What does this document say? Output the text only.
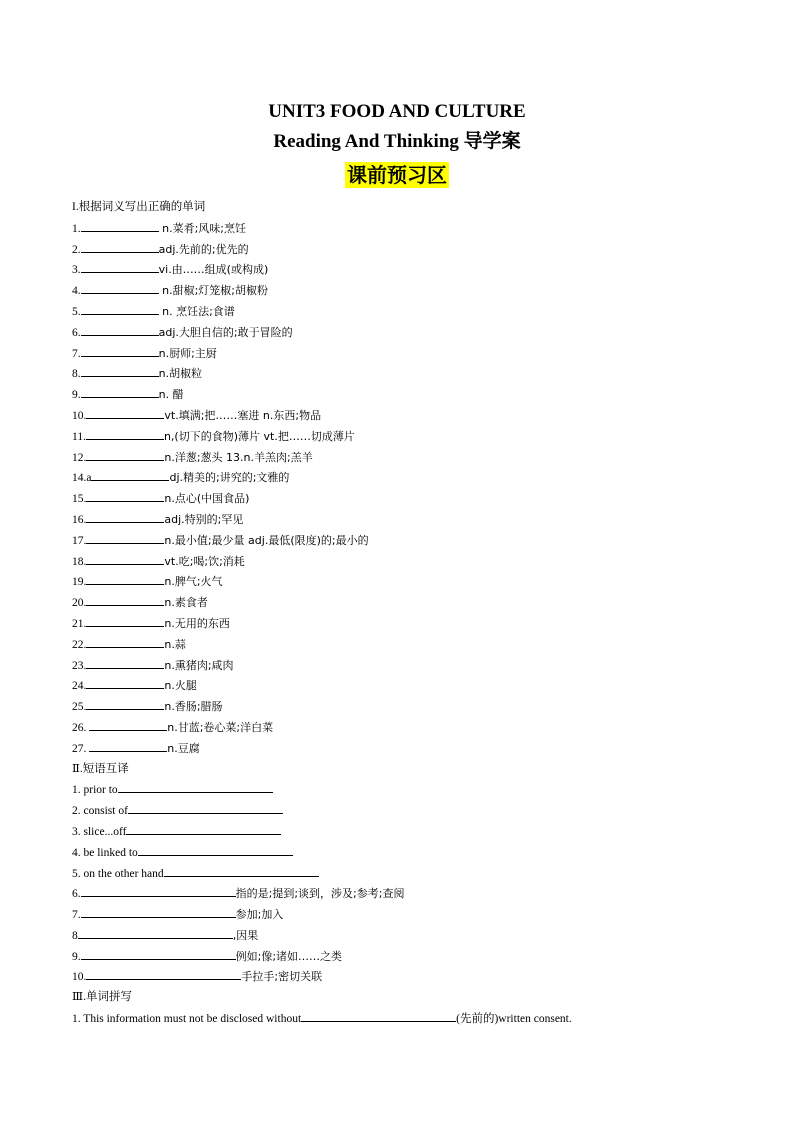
UNIT3 FOOD AND CULTURE
Reading And Thinking 导学案
课前预习区
I.根据词义写出正确的单词
1.	n.菜肴;风味;烹饪
2.	adj.先前的;优先的
3.	vi.由……组成(或构成)
4.	n.甜椒;灯笼椒;胡椒粉
5.	n. 烹饪法;食谱
6.	adj.大胆自信的;敢于冒险的
7.	n.厨师;主厨
8.	n.胡椒粒
9.	n. 醋
10.	vt.填满;把……塞进 n.东西;物品
11.	n,(切下的食物)薄片 vt.把……切成薄片
12.	n.洋葱;葱头 13.n.羊羔肉;羔羊
14.a	dj.精美的;讲究的;文雅的
15.	n.点心(中国食品)
16.	adj.特别的;罕见
17.	n.最小值;最少量 adj.最低(限度)的;最小的
18.	vt.吃;喝;饮;消耗
19.	n.脾气;火气
20.	n.素食者
21.	n.无用的东西
22.	n.蒜
23.	n.熏猪肉;咸肉
24.	n.火腿
25.	n.香肠;腊肠
26.	n.甘蓝;卷心菜;洋白菜
27.	n.豆腐
Ⅱ.短语互译
1. prior to
2. consist of
3. slice...off
4. be linked to
5. on the other hand
6.	指的是;提到;谈到，涉及;参考;查阅
7.	参加;加入
8	,因果
9.	例如;像;诸如……之类
10.	手拉手;密切关联
Ⅲ.单词拼写
1. This information must not be disclosed without	(先前的)written consent.
